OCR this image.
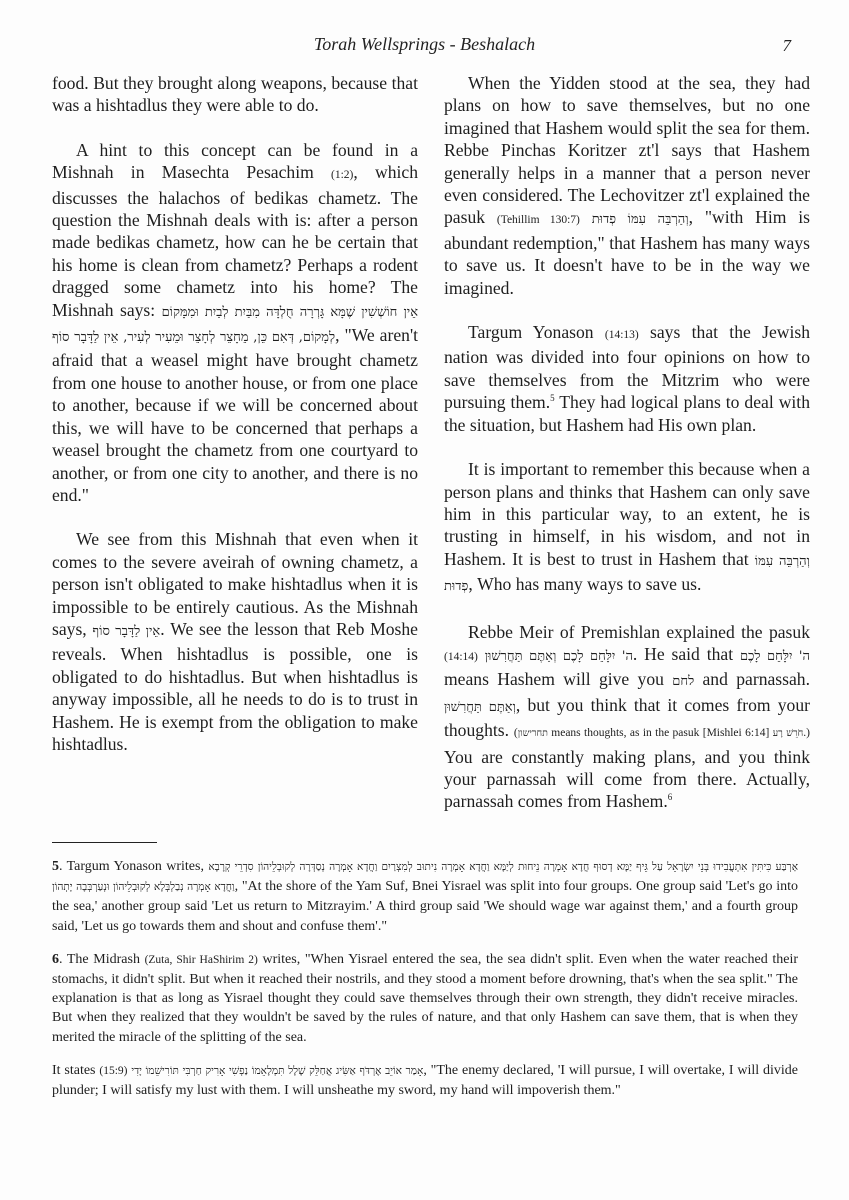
Torah Wellsprings - Beshalach	7

food. But they brought along weapons, because that was a hishtadlus they were able to do.

A hint to this concept can be found in a Mishnah in Masechta Pesachim (1:2), which discusses the halachos of bedikas chametz. The question the Mishnah deals with is: after a person made bedikas chametz, how can he be certain that his home is clean from chametz? Perhaps a rodent dragged some chametz into his home? The Mishnah says: אֵין חוֹשְׁשִׁין שֶׁמָּא גָּרְרָה חֻלְדָּה מִבַּיִת לְבַיִת וּמִמָּקוֹם לְמָקוֹם, דְּאִם כֵּן, מֵחָצֵר לְחָצֵר וּמֵעִיר לְעִיר, אֵין לַדָּבָר סוֹף, "We aren't afraid that a weasel might have brought chametz from one house to another house, or from one place to another, because if we will be concerned about this, we will have to be concerned that perhaps a weasel brought the chametz from one courtyard to another, or from one city to another, and there is no end."

We see from this Mishnah that even when it comes to the severe aveirah of owning chametz, a person isn't obligated to make hishtadlus when it is impossible to be entirely cautious. As the Mishnah says, אֵין לַדָּבָר סוֹף. We see the lesson that Reb Moshe reveals. When hishtadlus is possible, one is obligated to do hishtadlus. But when hishtadlus is anyway impossible, all he needs to do is to trust in Hashem. He is exempt from the obligation to make hishtadlus.

When the Yidden stood at the sea, they had plans on how to save themselves, but no one imagined that Hashem would split the sea for them. Rebbe Pinchas Koritzer zt'l says that Hashem generally helps in a manner that a person never even considered. The Lechovitzer zt'l explained the pasuk (Tehillim 130:7) וְהַרְבֵּה עִמּוֹ פְדוּת, "with Him is abundant redemption," that Hashem has many ways to save us. It doesn't have to be in the way we imagined.

Targum Yonason (14:13) says that the Jewish nation was divided into four opinions on how to save themselves from the Mitzrim who were pursuing them.$^5$ They had logical plans to deal with the situation, but Hashem had His own plan.

It is important to remember this because when a person plans and thinks that Hashem can only save him in this particular way, to an extent, he is trusting in himself, in his wisdom, and not in Hashem. It is best to trust in Hashem that וְהַרְבֵּה עִמּוֹ פְדוּת, Who has many ways to save us.

Rebbe Meir of Premishlan explained the pasuk (14:14) ה' יִלָּחֵם לָכֶם וְאַתֶּם תַּחֲרִשׁוּן. He said that ה' יִלָּחֵם לָכֶם means Hashem will give you לחם and parnassah. וְאַתֶּם תַּחֲרִשׁוּן, but you think that it comes from your thoughts. (תחרישון means thoughts, as in the pasuk [Mishlei 6:14] חֹרֵשׁ רָע.) You are constantly making plans, and you think your parnassah will come from there. Actually, parnassah comes from Hashem.$^6$

5. Targum Yonason writes, אַרְבַּע כִּיתִּין אִתְעֲבִידוּ בְּנֵי יִשְׂרָאֵל עַל גֵּיף יַמָּא דְסוּף חֲדָא אָמְרָה נֵיחוּת לְיַמָּא וַחֲדָא אָמְרָה נִיתוּב לְמִצְרַיִם וַחֲדָא אָמְרָה נְסַדְּרָה לְקוּבְלֵיהוֹן סִדְרֵי קְרָבָא וַחֲדָא אָמְרָה נְבַלְבְּלָא לְקוּבְלֵיהוֹן וּנְעַרְבְּבָה יָתְהוֹן, "At the shore of the Yam Suf, Bnei Yisrael was split into four groups. One group said 'Let's go into the sea,' another group said 'Let us return to Mitzrayim.' A third group said 'We should wage war against them,' and a fourth group said, 'Let us go towards them and shout and confuse them'."

6. The Midrash (Zuta, Shir HaShirim 2) writes, "When Yisrael entered the sea, the sea didn't split. Even when the water reached their stomachs, it didn't split. But when it reached their nostrils, and they stood a moment before drowning, that's when the sea split." The explanation is that as long as Yisrael thought they could save themselves through their own strength, they didn't receive miracles. But when they realized that they wouldn't be saved by the rules of nature, and that only Hashem can save them, that is when they merited the miracle of the splitting of the sea.

It states (15:9) אָמַר אוֹיֵב אֶרְדֹּף אַשִּׂיג אֲחַלֵּק שָׁלָל תִּמְלָאֵמוֹ נַפְשִׁי אָרִיק חַרְבִּי תּוֹרִישֵׁמוֹ יָדִי, "The enemy declared, 'I will pursue, I will overtake, I will divide plunder; I will satisfy my lust with them. I will unsheathe my sword, my hand will impoverish them."
